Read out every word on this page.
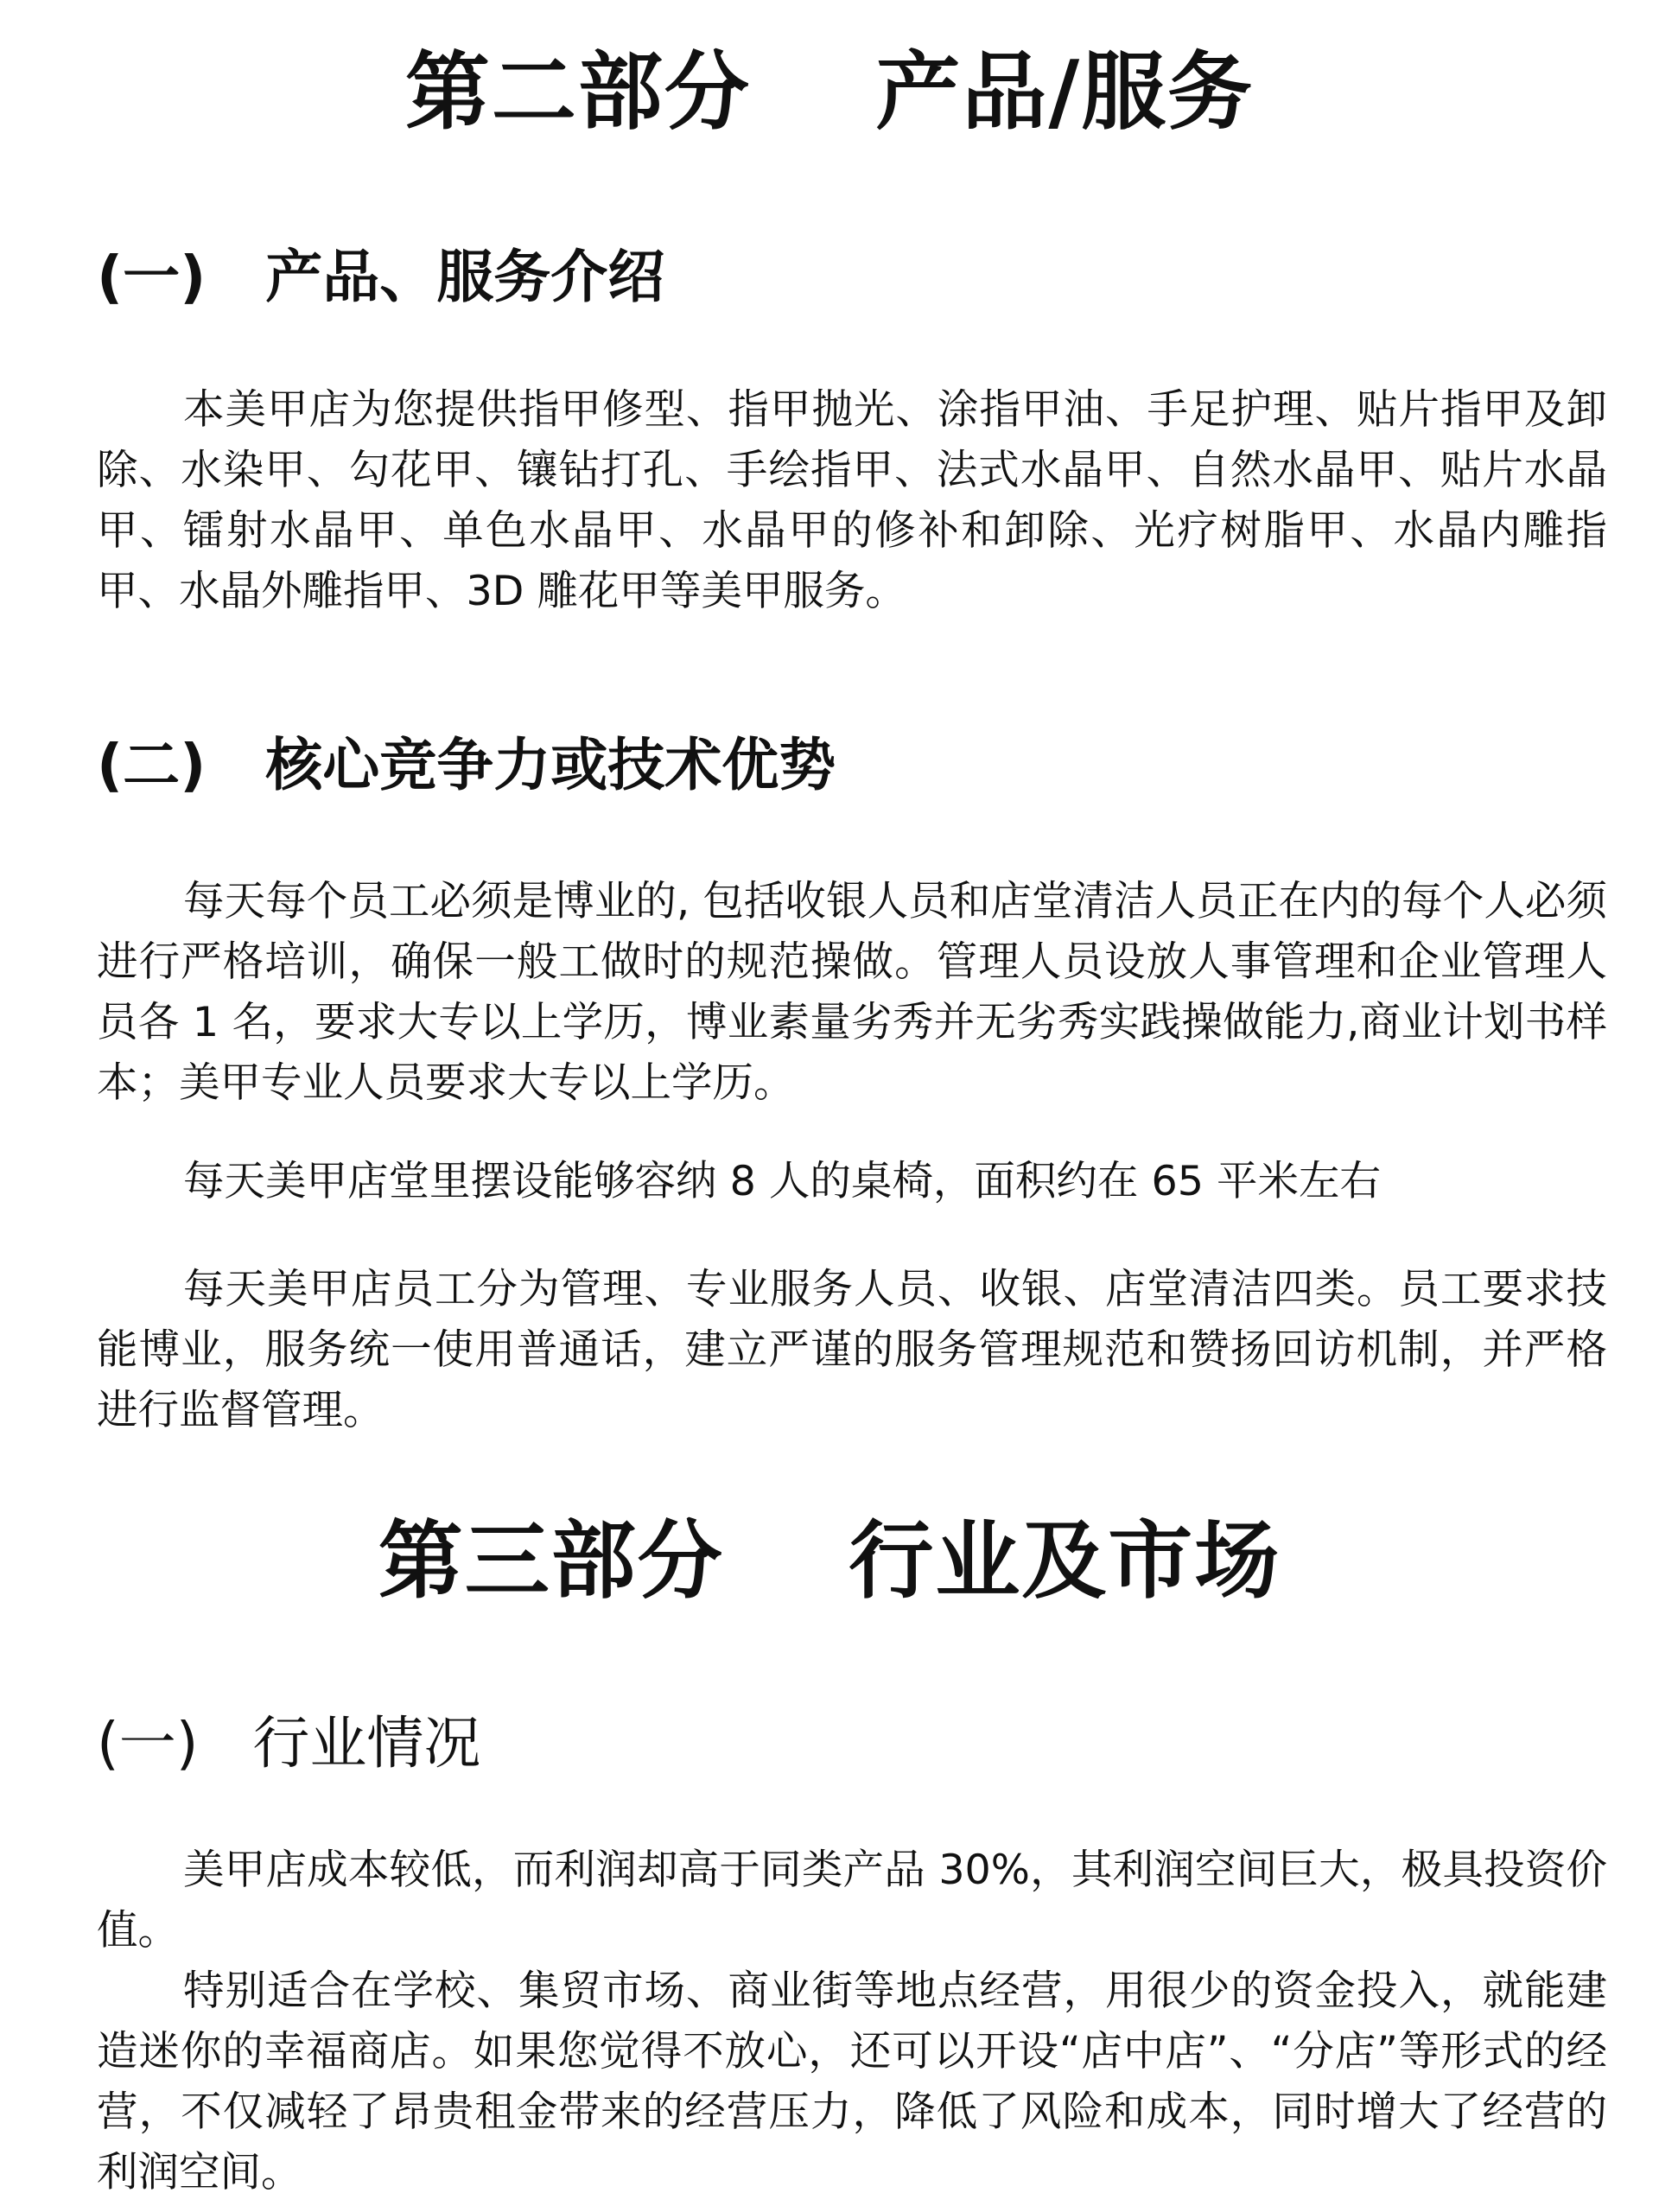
第二部分    产品/服务
(一)   产品、服务介绍

本美甲店为您提供指甲修型、指甲抛光、涂指甲油、手足护理、贴片指甲及卸除、水染甲、勾花甲、镶钻打孔、手绘指甲、法式水晶甲、自然水晶甲、贴片水晶甲、镭射水晶甲、单色水晶甲、水晶甲的修补和卸除、光疗树脂甲、水晶内雕指甲、水晶外雕指甲、3D 雕花甲等美甲服务。

(二)   核心竞争力或技术优势

每天每个员工必须是博业的, 包括收银人员和店堂清洁人员正在内的每个人必须进行严格培训，确保一般工做时的规范操做。管理人员设放人事管理和企业管理人员各 1 名，要求大专以上学历，博业素量劣秀并无劣秀实践操做能力,商业计划书样本；美甲专业人员要求大专以上学历。

每天美甲店堂里摆设能够容纳 8 人的桌椅，面积约在 65 平米左右

每天美甲店员工分为管理、专业服务人员、收银、店堂清洁四类。员工要求技能博业，服务统一使用普通话，建立严谨的服务管理规范和赞扬回访机制，并严格进行监督管理。

第三部分    行业及市场
(一)   行业情况

美甲店成本较低，而利润却高于同类产品 30%，其利润空间巨大，极具投资价值。

特别适合在学校、集贸市场、商业街等地点经营，用很少的资金投入，就能建造迷你的幸福商店。如果您觉得不放心，还可以开设“店中店”、“分店”等形式的经营，不仅减轻了昂贵租金带来的经营压力，降低了风险和成本，同时增大了经营的利润空间。
